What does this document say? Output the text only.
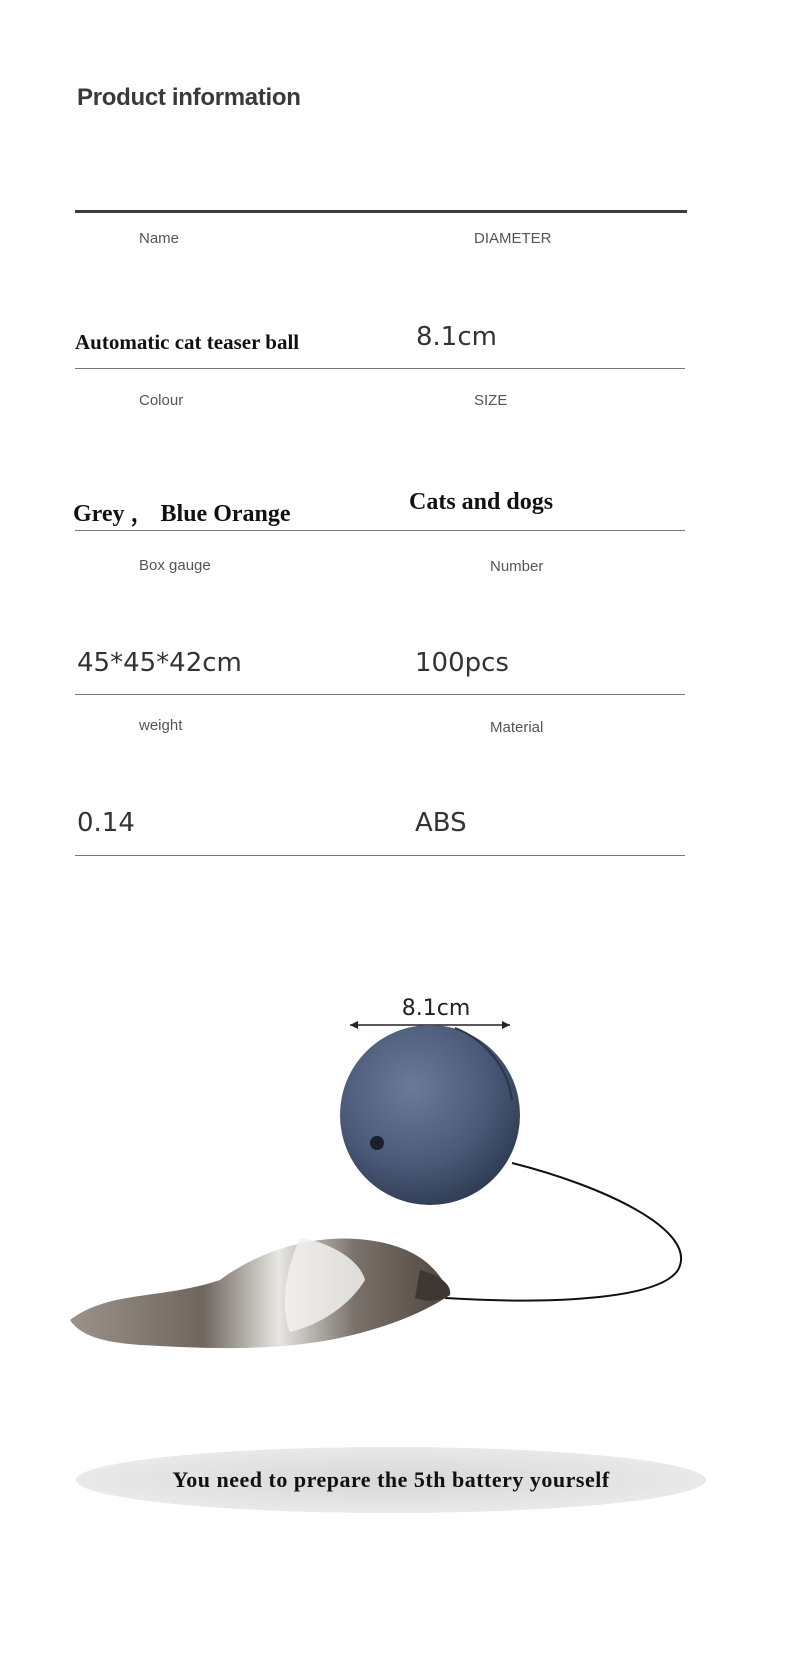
Product information
Name	DIAMETER
Automatic cat teaser ball	8.1cm
Colour	SIZE
Grey ， Blue Orange	Cats and dogs
Box gauge	Number
45*45*42cm	100pcs
weight	Material
0.14	ABS
8.1cm
You need to prepare the 5th battery yourself
